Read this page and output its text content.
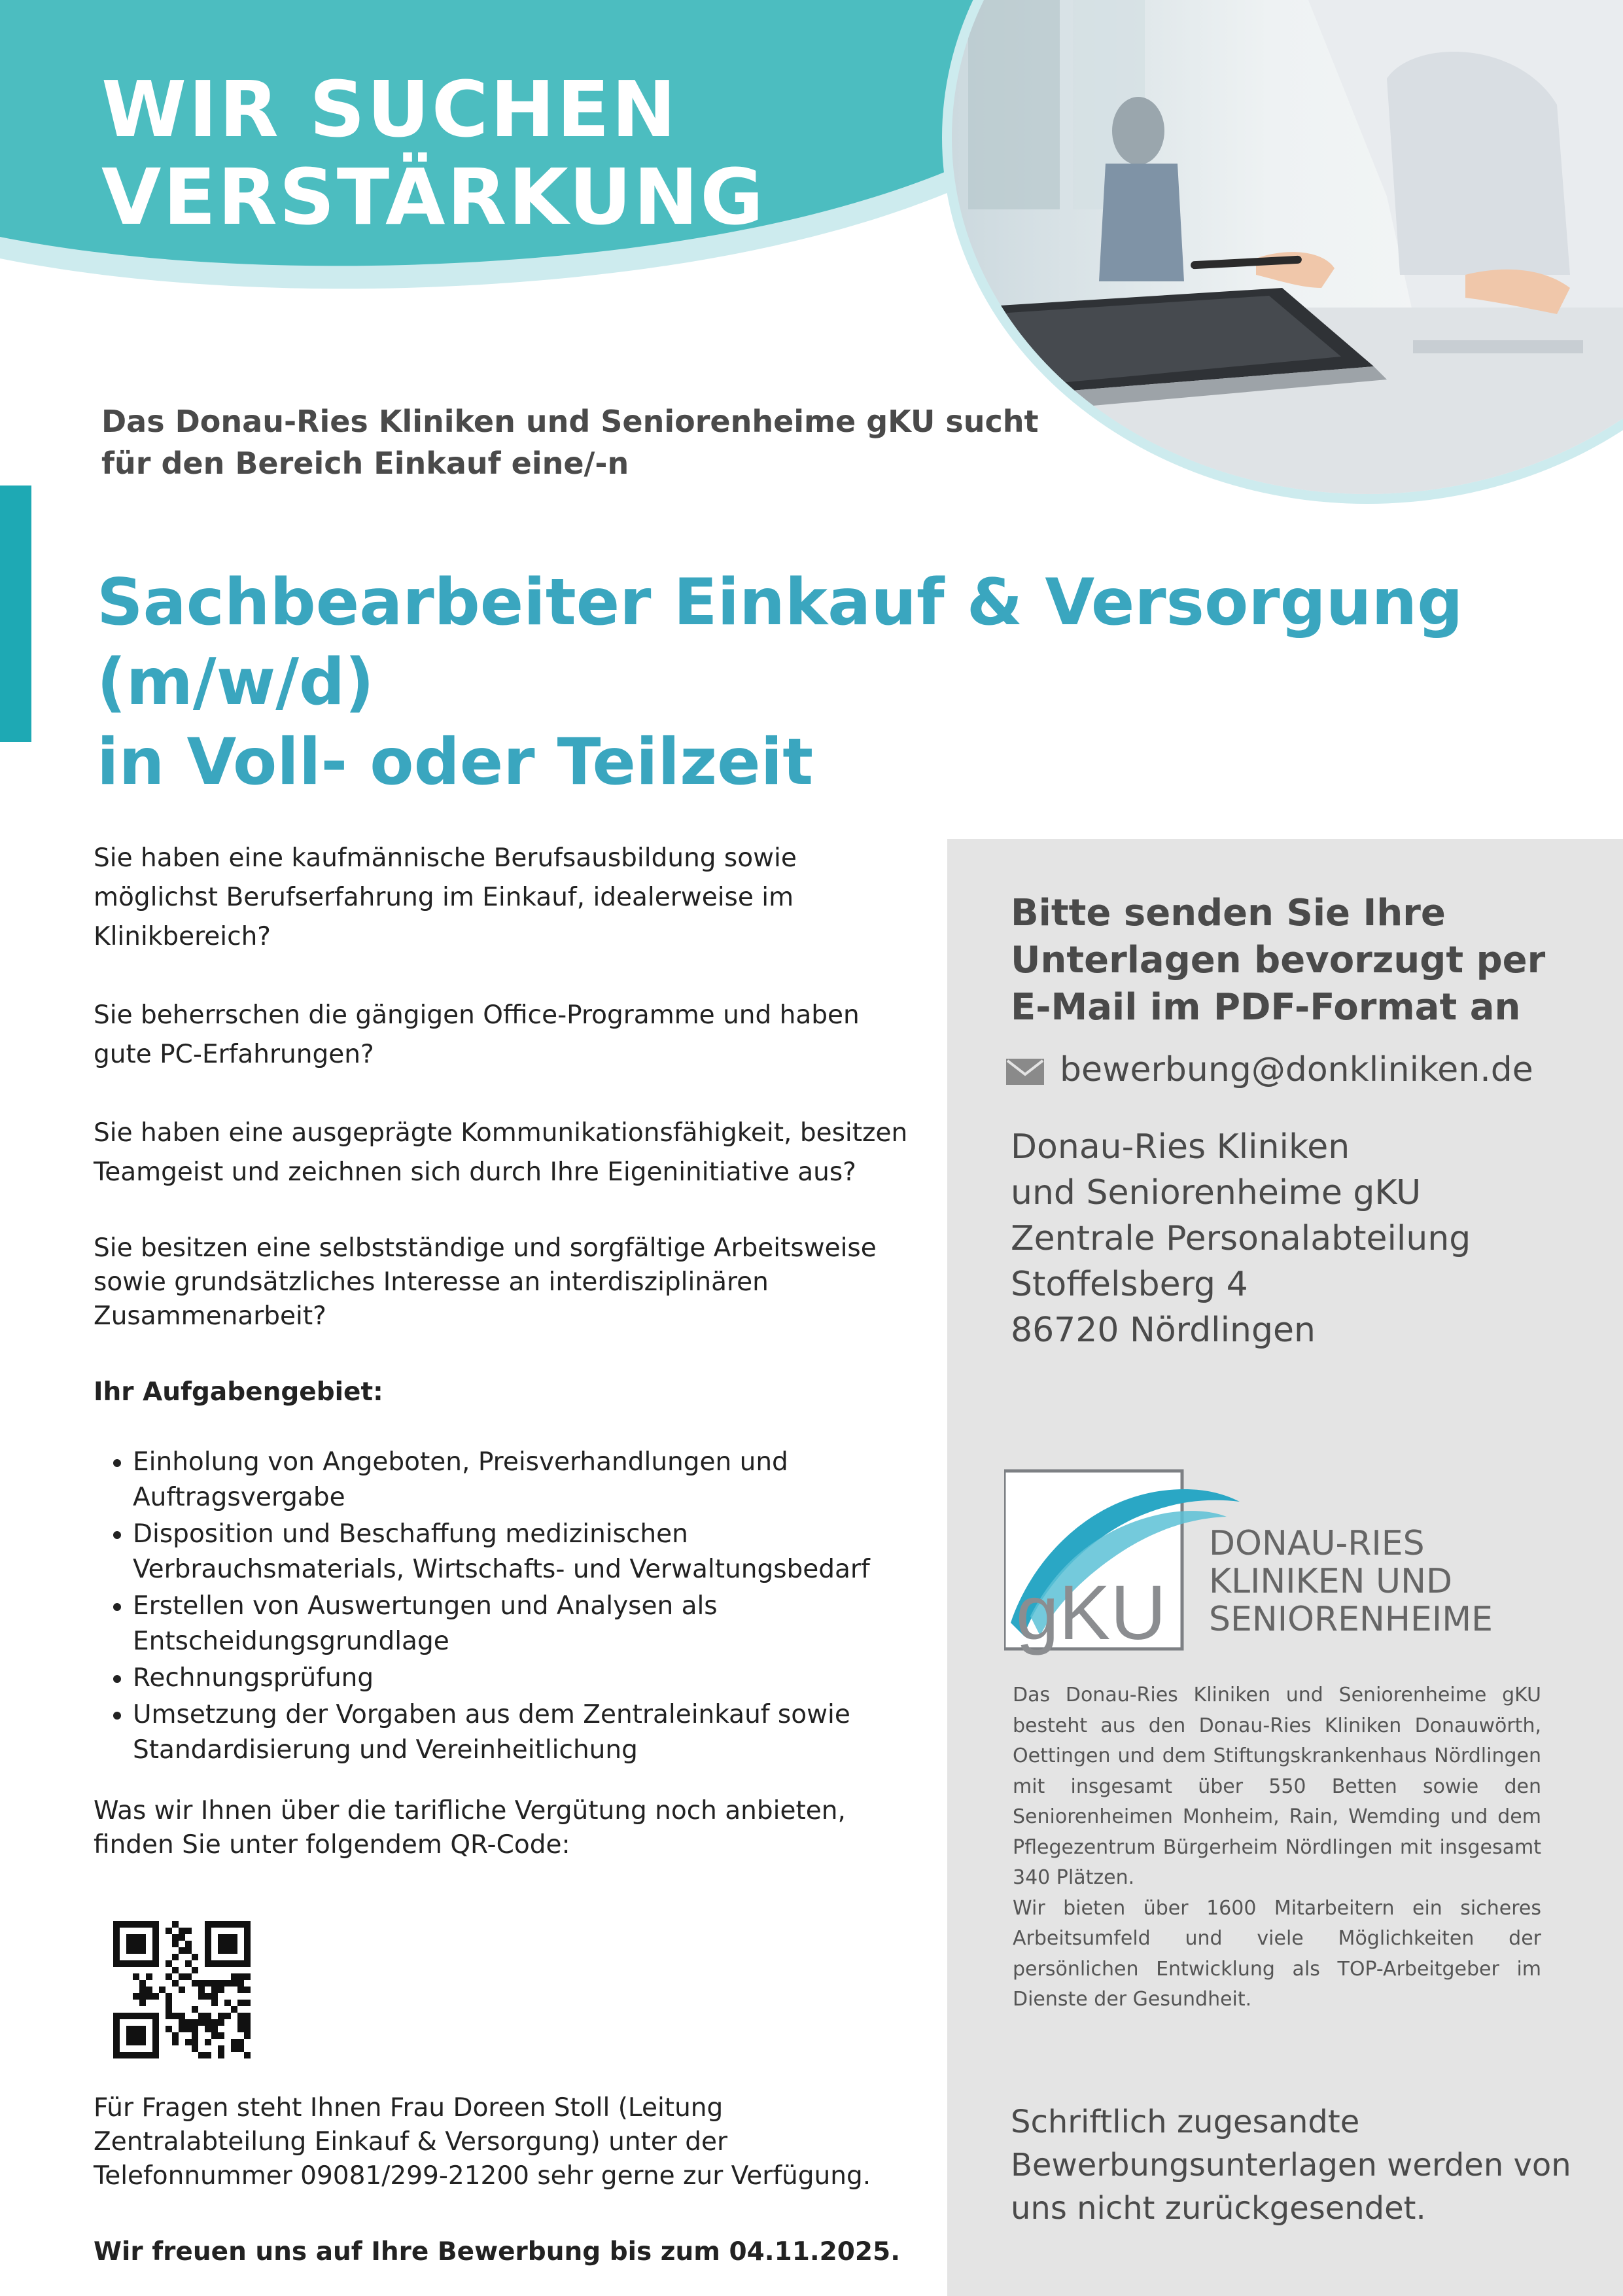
WIR SUCHEN
VERSTÄRKUNG

Das Donau-Ries Kliniken und Seniorenheime gKU sucht
für den Bereich Einkauf eine/-n

Sachbearbeiter Einkauf & Versorgung (m/w/d)
in Voll- oder Teilzeit

Sie haben eine kaufmännische Berufsausbildung sowie möglichst Berufserfahrung im Einkauf, idealerweise im Klinikbereich?

Sie beherrschen die gängigen Office-Programme und haben gute PC-Erfahrungen?

Sie haben eine ausgeprägte Kommunikationsfähigkeit, besitzen Teamgeist und zeichnen sich durch Ihre Eigeninitiative aus?

Sie besitzen eine selbstständige und sorgfältige Arbeitsweise sowie grundsätzliches Interesse an interdisziplinären Zusammenarbeit?

Ihr Aufgabengebiet:

• Einholung von Angeboten, Preisverhandlungen und Auftragsvergabe
• Disposition und Beschaffung medizinischen Verbrauchsmaterials, Wirtschafts- und Verwaltungsbedarf
• Erstellen von Auswertungen und Analysen als Entscheidungsgrundlage
• Rechnungsprüfung
• Umsetzung der Vorgaben aus dem Zentraleinkauf sowie Standardisierung und Vereinheitlichung

Was wir Ihnen über die tarifliche Vergütung noch anbieten, finden Sie unter folgendem QR-Code:

Für Fragen steht Ihnen Frau Doreen Stoll (Leitung Zentralabteilung Einkauf & Versorgung) unter der Telefonnummer 09081/299-21200 sehr gerne zur Verfügung.

Wir freuen uns auf Ihre Bewerbung bis zum 04.11.2025.

Bitte senden Sie Ihre
Unterlagen bevorzugt per
E-Mail im PDF-Format an

bewerbung@donkliniken.de

Donau-Ries Kliniken
und Seniorenheime gKU
Zentrale Personalabteilung
Stoffelsberg 4
86720 Nördlingen

gKU

DONAU-RIES
KLINIKEN UND
SENIORENHEIME

Das Donau-Ries Kliniken und Seniorenheime gKU besteht aus den Donau-Ries Kliniken Donauwörth, Oettingen und dem Stiftungskrankenhaus Nördlingen mit insgesamt über 550 Betten sowie den Seniorenheimen Monheim, Rain, Wemding und dem Pflegezentrum Bürgerheim Nördlingen mit insgesamt 340 Plätzen.

Wir bieten über 1600 Mitarbeitern ein sicheres Arbeitsumfeld und viele Möglichkeiten der persönlichen Entwicklung als TOP-Arbeitgeber im Dienste der Gesundheit.

Schriftlich zugesandte
Bewerbungsunterlagen werden von
uns nicht zurückgesendet.
